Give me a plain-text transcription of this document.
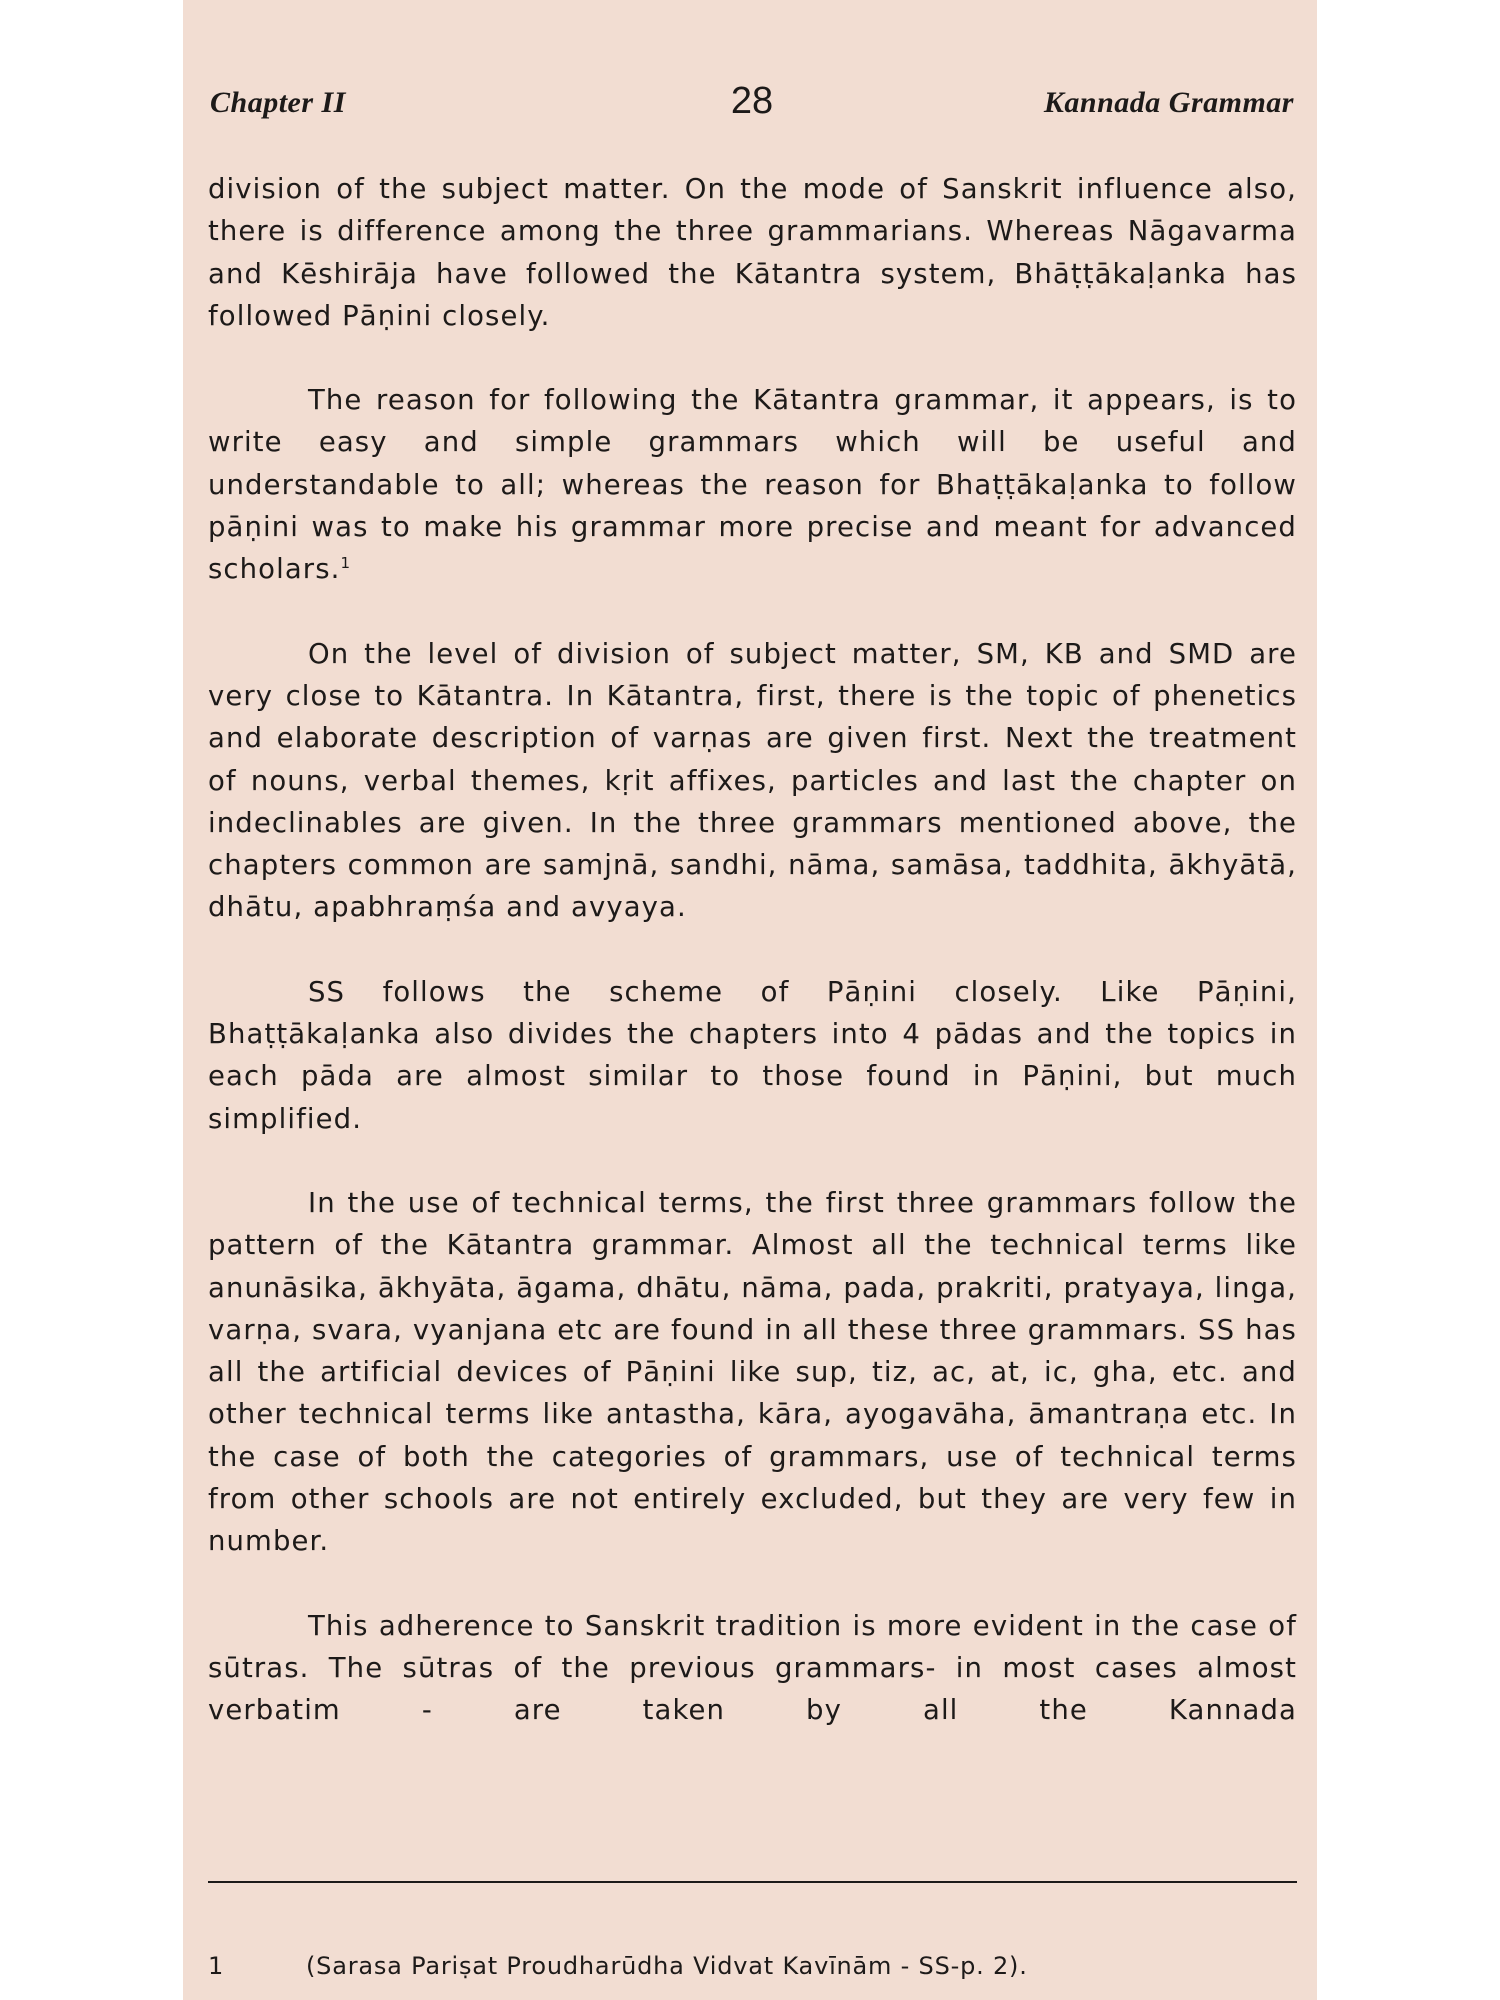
Chapter II	28	Kannada Grammar

division of the subject matter. On the mode of Sanskrit influence also, there is difference among the three grammarians. Whereas Nāgavarma and Kēshirāja have followed the Kātantra system, Bhāṭṭākaḷanka has followed Pāṇini closely.

The reason for following the Kātantra grammar, it appears, is to write easy and simple grammars which will be useful and understandable to all; whereas the reason for Bhaṭṭākaḷanka to follow pāṇini was to make his grammar more precise and meant for advanced scholars.$^1$

On the level of division of subject matter, SM, KB and SMD are very close to Kātantra. In Kātantra, first, there is the topic of phenetics and elaborate description of varṇas are given first. Next the treatment of nouns, verbal themes, kṛit affixes, particles and last the chapter on indeclinables are given. In the three grammars mentioned above, the chapters common are samjnā, sandhi, nāma, samāsa, taddhita, ākhyātā, dhātu, apabhraṃśa and avyaya.

SS follows the scheme of Pāṇini closely. Like Pāṇini, Bhaṭṭākaḷanka also divides the chapters into 4 pādas and the topics in each pāda are almost similar to those found in Pāṇini, but much simplified.

In the use of technical terms, the first three grammars follow the pattern of the Kātantra grammar. Almost all the technical terms like anunāsika, ākhyāta, āgama, dhātu, nāma, pada, prakriti, pratyaya, linga, varṇa, svara, vyanjana etc are found in all these three grammars. SS has all the artificial devices of Pāṇini like sup, tiz, ac, at, ic, gha, etc. and other technical terms like antastha, kāra, ayogavāha, āmantraṇa etc. In the case of both the categories of grammars, use of technical terms from other schools are not entirely excluded, but they are very few in number.

This adherence to Sanskrit tradition is more evident in the case of sūtras. The sūtras of the previous grammars- in most cases almost verbatim - are taken by all the Kannada

1	(Sarasa Pariṣat Proudharūdha Vidvat Kavīnām - SS-p. 2).
